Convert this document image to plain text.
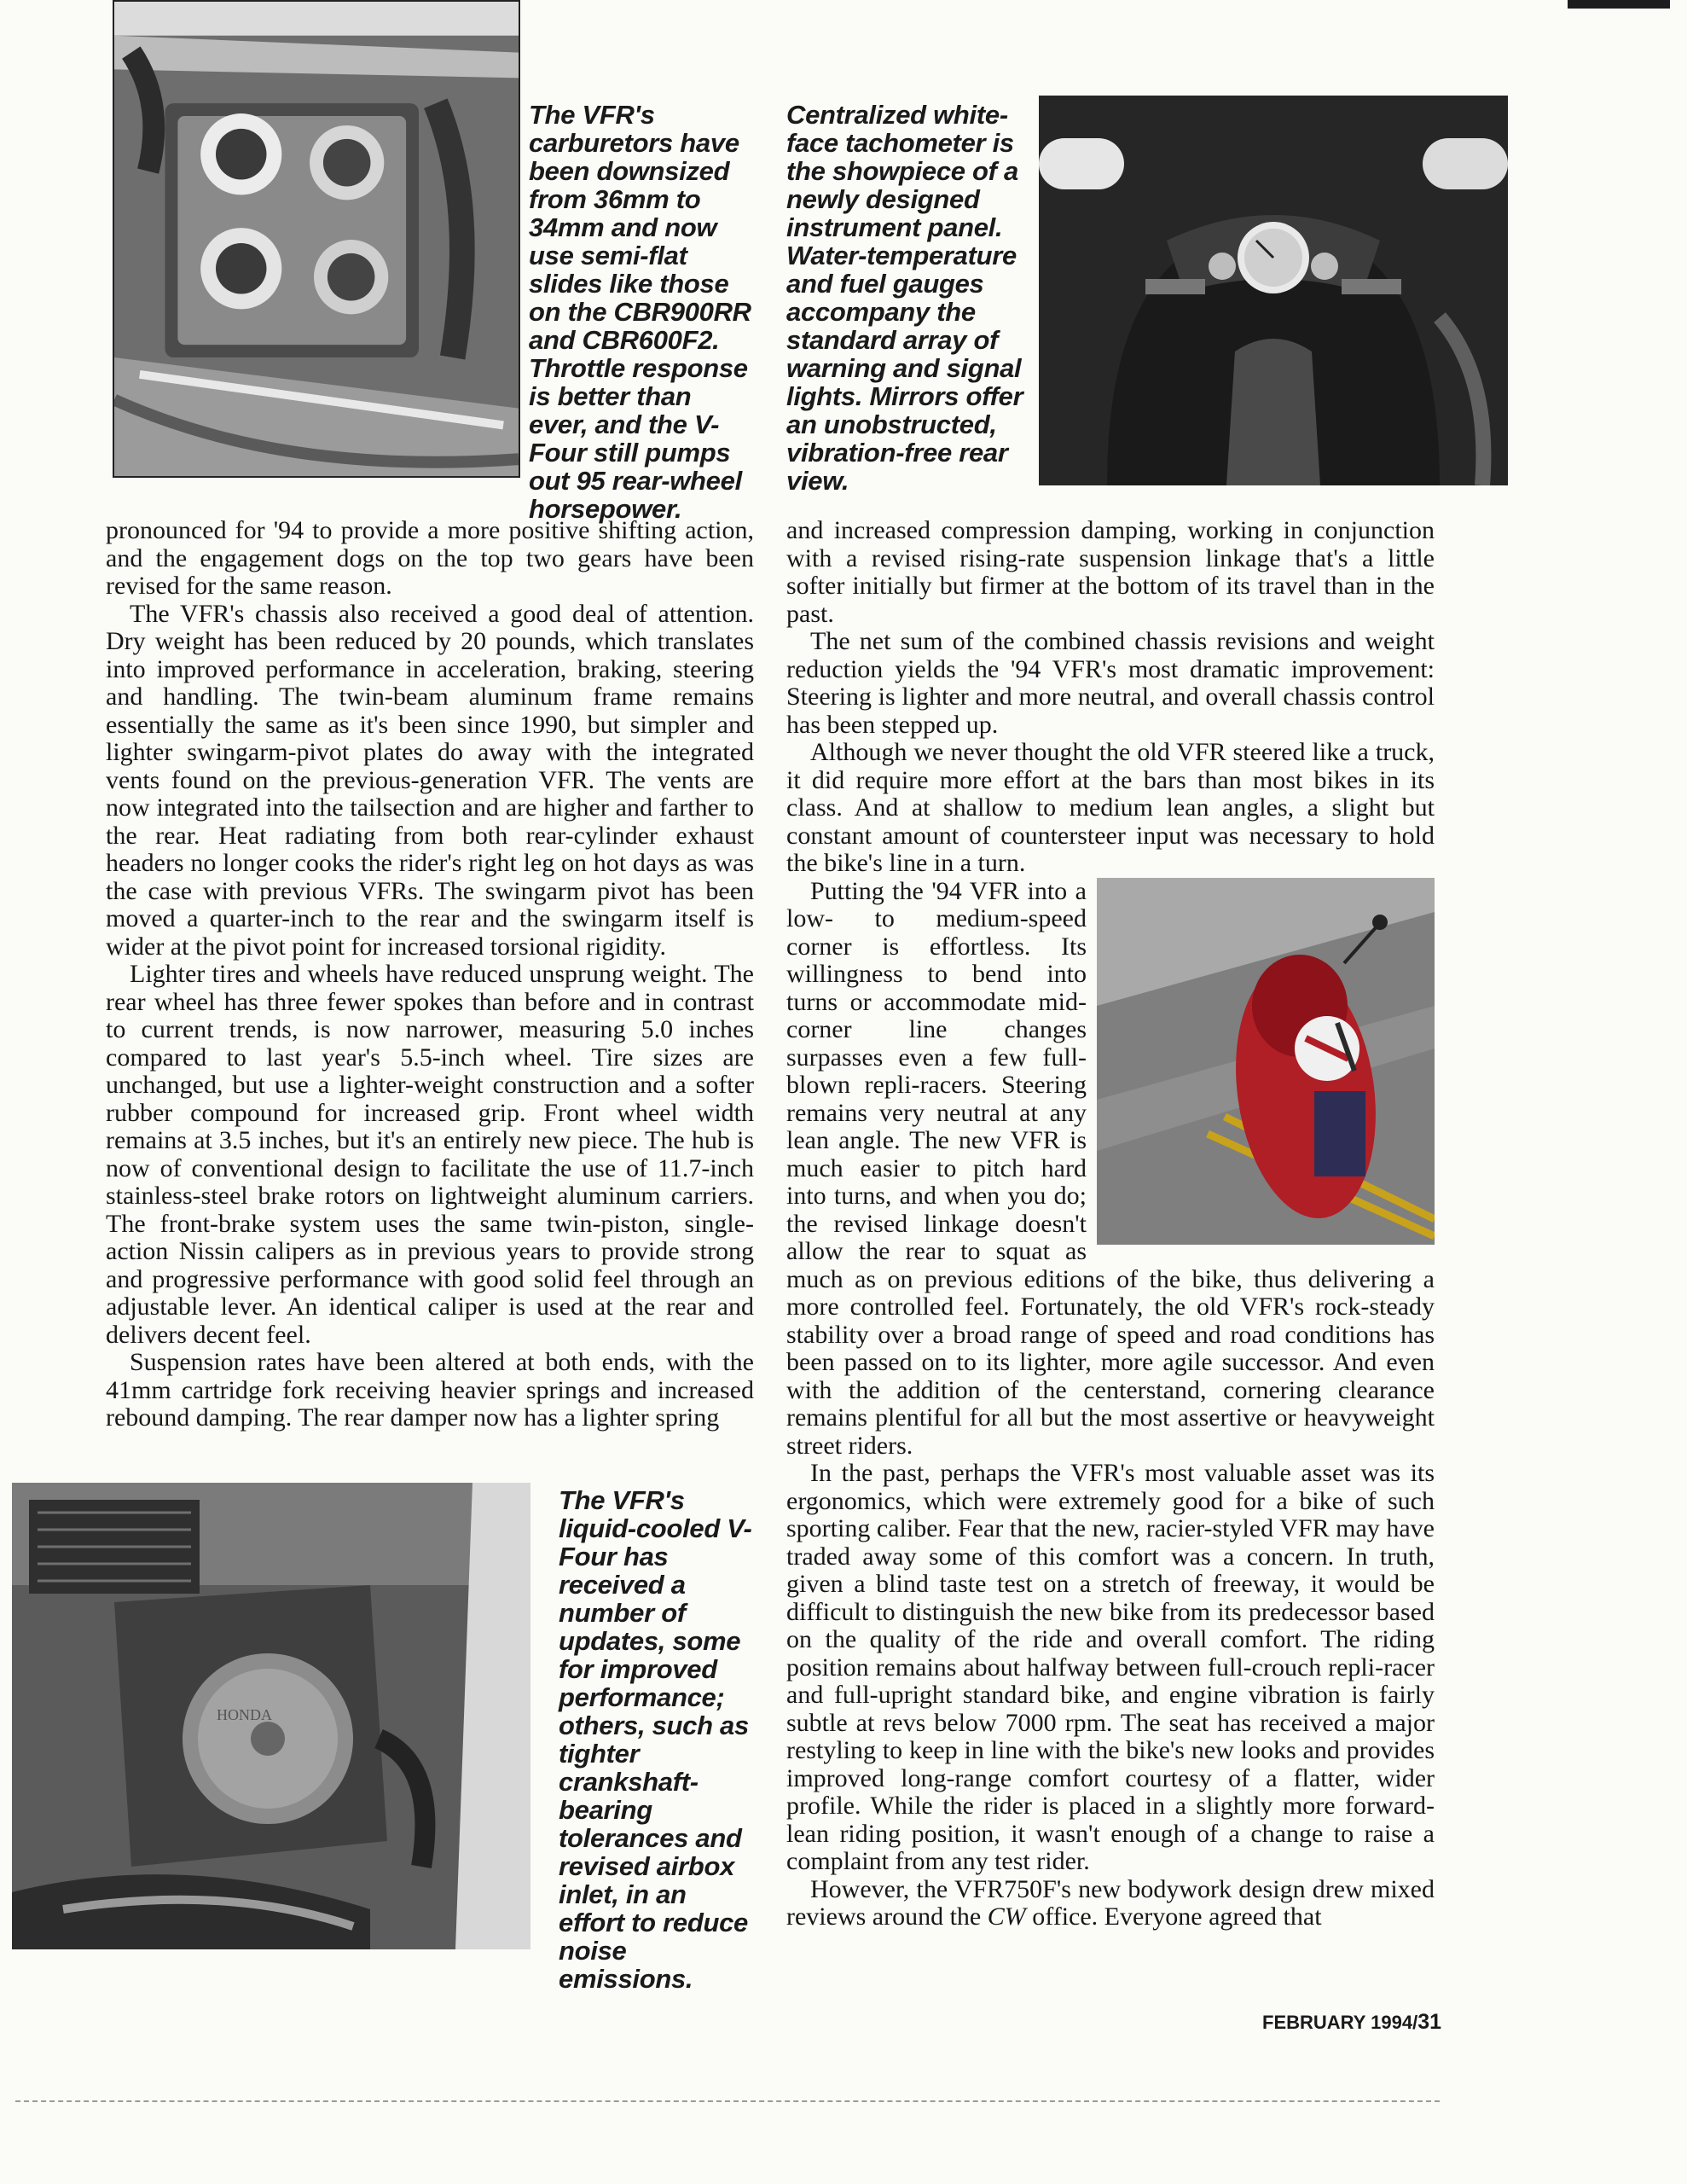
The VFR's carburetors have been downsized from 36mm to 34mm and now use semi-flat slides like those on the CBR900RR and CBR600F2. Throttle response is better than ever, and the V-Four still pumps out 95 rear-wheel horsepower.
Centralized white-face tachometer is the showpiece of a newly designed instrument panel. Water-temperature and fuel gauges accompany the standard array of warning and signal lights. Mirrors offer an unobstructed, vibration-free rear view.

pronounced for '94 to provide a more positive shifting action, and the engagement dogs on the top two gears have been revised for the same reason.

The VFR's chassis also received a good deal of attention. Dry weight has been reduced by 20 pounds, which translates into improved performance in acceleration, braking, steering and handling. The twin-beam aluminum frame remains essentially the same as it's been since 1990, but simpler and lighter swingarm-pivot plates do away with the integrated vents found on the previous-generation VFR. The vents are now integrated into the tailsection and are higher and farther to the rear. Heat radiating from both rear-cylinder exhaust headers no longer cooks the rider's right leg on hot days as was the case with previous VFRs. The swingarm pivot has been moved a quarter-inch to the rear and the swingarm itself is wider at the pivot point for increased torsional rigidity.

Lighter tires and wheels have reduced unsprung weight. The rear wheel has three fewer spokes than before and in contrast to current trends, is now narrower, measuring 5.0 inches compared to last year's 5.5-inch wheel. Tire sizes are unchanged, but use a lighter-weight construction and a softer rubber compound for increased grip. Front wheel width remains at 3.5 inches, but it's an entirely new piece. The hub is now of conventional design to facilitate the use of 11.7-inch stainless-steel brake rotors on lightweight aluminum carriers. The front-brake system uses the same twin-piston, single-action Nissin calipers as in previous years to provide strong and progressive performance with good solid feel through an adjustable lever. An identical caliper is used at the rear and delivers decent feel.

Suspension rates have been altered at both ends, with the 41mm cartridge fork receiving heavier springs and increased rebound damping. The rear damper now has a lighter spring

HONDA
The VFR's liquid-cooled V-Four has received a number of updates, some for improved performance; others, such as tighter crankshaft-bearing tolerances and revised airbox inlet, in an effort to reduce noise emissions.

and increased compression damping, working in conjunction with a revised rising-rate suspension linkage that's a little softer initially but firmer at the bottom of its travel than in the past.

The net sum of the combined chassis revisions and weight reduction yields the '94 VFR's most dramatic improvement: Steering is lighter and more neutral, and overall chassis control has been stepped up.

Although we never thought the old VFR steered like a truck, it did require more effort at the bars than most bikes in its class. And at shallow to medium lean angles, a slight but constant amount of countersteer input was necessary to hold the bike's line in a turn.

Putting the '94 VFR into a low- to medium-speed corner is effortless. Its willingness to bend into turns or accommodate mid-corner line changes surpasses even a few full-blown repli-racers. Steering remains very neutral at any lean angle. The new VFR is much easier to pitch hard into turns, and when you do; the revised linkage doesn't allow the rear to squat as much as on previous editions of the bike, thus delivering a more controlled feel. Fortunately, the old VFR's rock-steady stability over a broad range of speed and road conditions has been passed on to its lighter, more agile successor. And even with the addition of the centerstand, cornering clearance remains plentiful for all but the most assertive or heavyweight street riders.

In the past, perhaps the VFR's most valuable asset was its ergonomics, which were extremely good for a bike of such sporting caliber. Fear that the new, racier-styled VFR may have traded away some of this comfort was a concern. In truth, given a blind taste test on a stretch of freeway, it would be difficult to distinguish the new bike from its predecessor based on the quality of the ride and overall comfort. The riding position remains about halfway between full-crouch repli-racer and full-upright standard bike, and engine vibration is fairly subtle at revs below 7000 rpm. The seat has received a major restyling to keep in line with the bike's new looks and provides improved long-range comfort courtesy of a flatter, wider profile. While the rider is placed in a slightly more forward-lean riding position, it wasn't enough of a change to raise a complaint from any test rider.

However, the VFR750F's new bodywork design drew mixed reviews around the CW office. Everyone agreed that

FEBRUARY 1994/31
